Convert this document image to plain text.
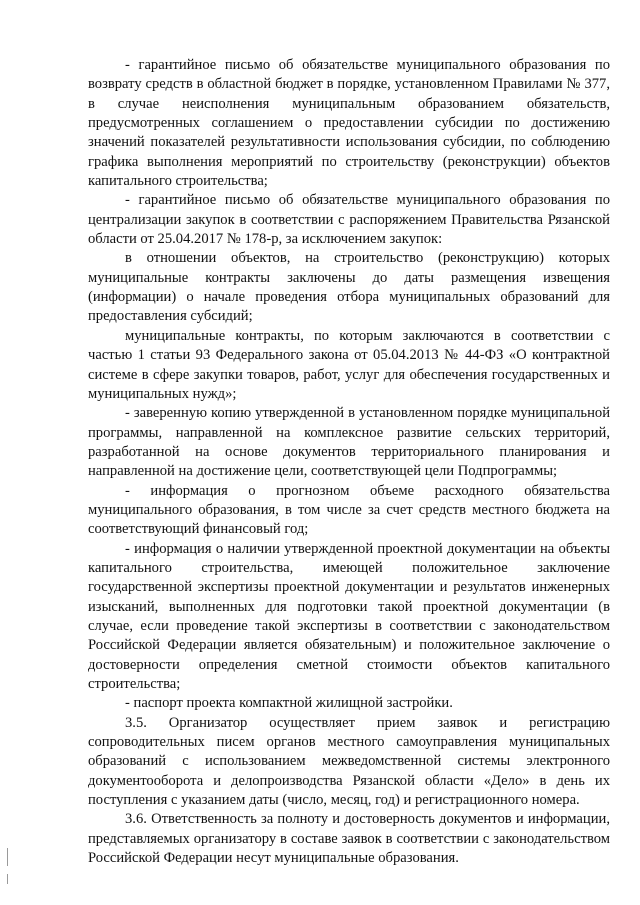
- гарантийное письмо об обязательстве муниципального образования по возврату средств в областной бюджет в порядке, установленном Правилами № 377, в случае неисполнения муниципальным образованием обязательств, предусмотренных соглашением о предоставлении субсидии по достижению значений показателей результативности использования субсидии, по соблюдению графика выполнения мероприятий по строительству (реконструкции) объектов капитального строительства;

- гарантийное письмо об обязательстве муниципального образования по централизации закупок в соответствии с распоряжением Правительства Рязанской области от 25.04.2017 № 178-р, за исключением закупок:

в отношении объектов, на строительство (реконструкцию) которых муниципальные контракты заключены до даты размещения извещения (информации) о начале проведения отбора муниципальных образований для предоставления субсидий;

муниципальные контракты, по которым заключаются в соответствии с частью 1 статьи 93 Федерального закона от 05.04.2013 № 44-ФЗ «О контрактной системе в сфере закупки товаров, работ, услуг для обеспечения государственных и муниципальных нужд»;

- заверенную копию утвержденной в установленном порядке муниципальной программы, направленной на комплексное развитие сельских территорий, разработанной на основе документов территориального планирования и направленной на достижение цели, соответствующей цели Подпрограммы;

- информация о прогнозном объеме расходного обязательства муниципального образования, в том числе за счет средств местного бюджета на соответствующий финансовый год;

- информация о наличии утвержденной проектной документации на объекты капитального строительства, имеющей положительное заключение государственной экспертизы проектной документации и результатов инженерных изысканий, выполненных для подготовки такой проектной документации (в случае, если проведение такой экспертизы в соответствии с законодательством Российской Федерации является обязательным) и положительное заключение о достоверности определения сметной стоимости объектов капитального строительства;

- паспорт проекта компактной жилищной застройки.

3.5. Организатор осуществляет прием заявок и регистрацию сопроводительных писем органов местного самоуправления муниципальных образований с использованием межведомственной системы электронного документооборота и делопроизводства Рязанской области «Дело» в день их поступления с указанием даты (число, месяц, год) и регистрационного номера.

3.6. Ответственность за полноту и достоверность документов и информации, представляемых организатору в составе заявок в соответствии с законодательством Российской Федерации несут муниципальные образования.
